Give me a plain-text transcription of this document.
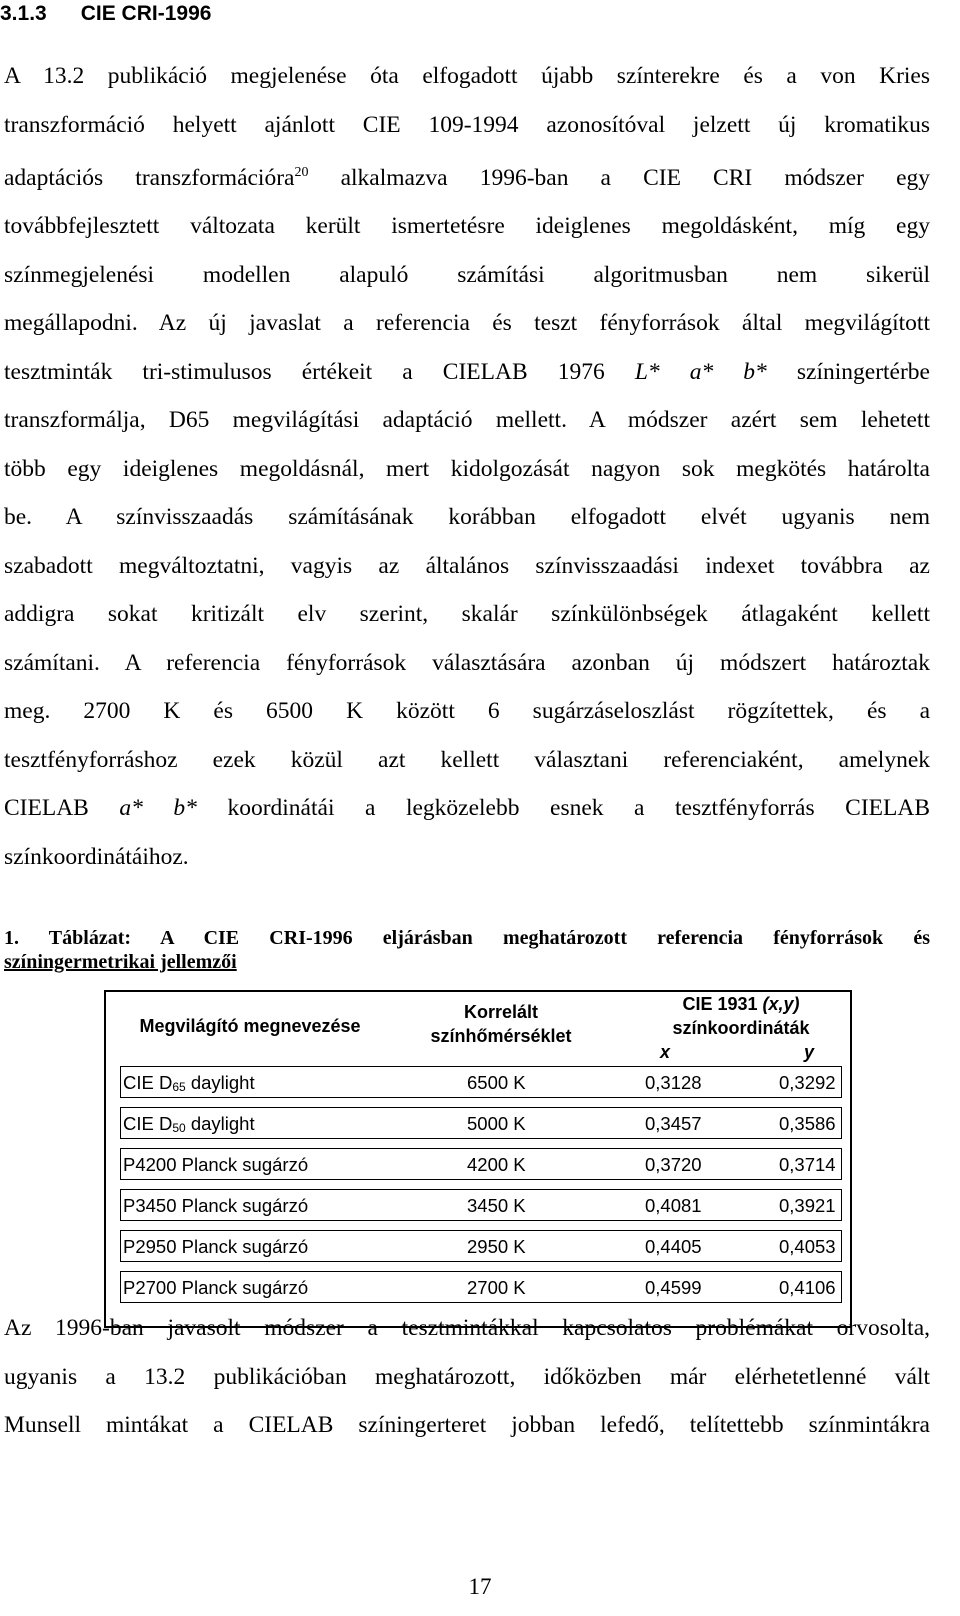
3.1.3 CIE CRI-1996
A 13.2 publikáció megjelenése óta elfogadott újabb színterekre és a von Kries
transzformáció helyett ajánlott CIE 109-1994 azonosítóval jelzett új kromatikus
adaptációs transzformációra$^{20}$ alkalmazva 1996-ban a CIE CRI módszer egy
továbbfejlesztett változata került ismertetésre ideiglenes megoldásként, míg egy
színmegjelenési modellen alapuló számítási algoritmusban nem sikerül
megállapodni. Az új javaslat a referencia és teszt fényforrások által megvilágított
tesztminták tri-stimulusos értékeit a CIELAB 1976 L* a* b* színingertérbe
transzformálja, D65 megvilágítási adaptáció mellett. A módszer azért sem lehetett
több egy ideiglenes megoldásnál, mert kidolgozását nagyon sok megkötés határolta
be. A színvisszaadás számításának korábban elfogadott elvét ugyanis nem
szabadott megváltoztatni, vagyis az általános színvisszaadási indexet továbbra az
addigra sokat kritizált elv szerint, skalár színkülönbségek átlagaként kellett
számítani. A referencia fényforrások választására azonban új módszert határoztak
meg. 2700 K és 6500 K között 6 sugárzáseloszlást rögzítettek, és a
tesztfényforráshoz ezek közül azt kellett választani referenciaként, amelynek
CIELAB a* b* koordinátái a legközelebb esnek a tesztfényforrás CIELAB
színkoordinátáihoz.
1. Táblázat: A CIE CRI-1996 eljárásban meghatározott referencia fényforrások és
színingermetrikai jellemzői
Megvilágító megnevezése
Korrelált
színhőmérséklet
CIE 1931 (x,y)
színkoordináták
x	y
CIE $D_{65}$ daylight	6500 K	0,3128	0,3292
CIE $D_{50}$ daylight	5000 K	0,3457	0,3586
P4200 Planck sugárzó	4200 K	0,3720	0,3714
P3450 Planck sugárzó	3450 K	0,4081	0,3921
P2950 Planck sugárzó	2950 K	0,4405	0,4053
P2700 Planck sugárzó	2700 K	0,4599	0,4106
Az 1996-ban javasolt módszer a tesztmintákkal kapcsolatos problémákat orvosolta,
ugyanis a 13.2 publikációban meghatározott, időközben már elérhetetlenné vált
Munsell mintákat a CIELAB színingerteret jobban lefedő, telítettebb színmintákra
17
